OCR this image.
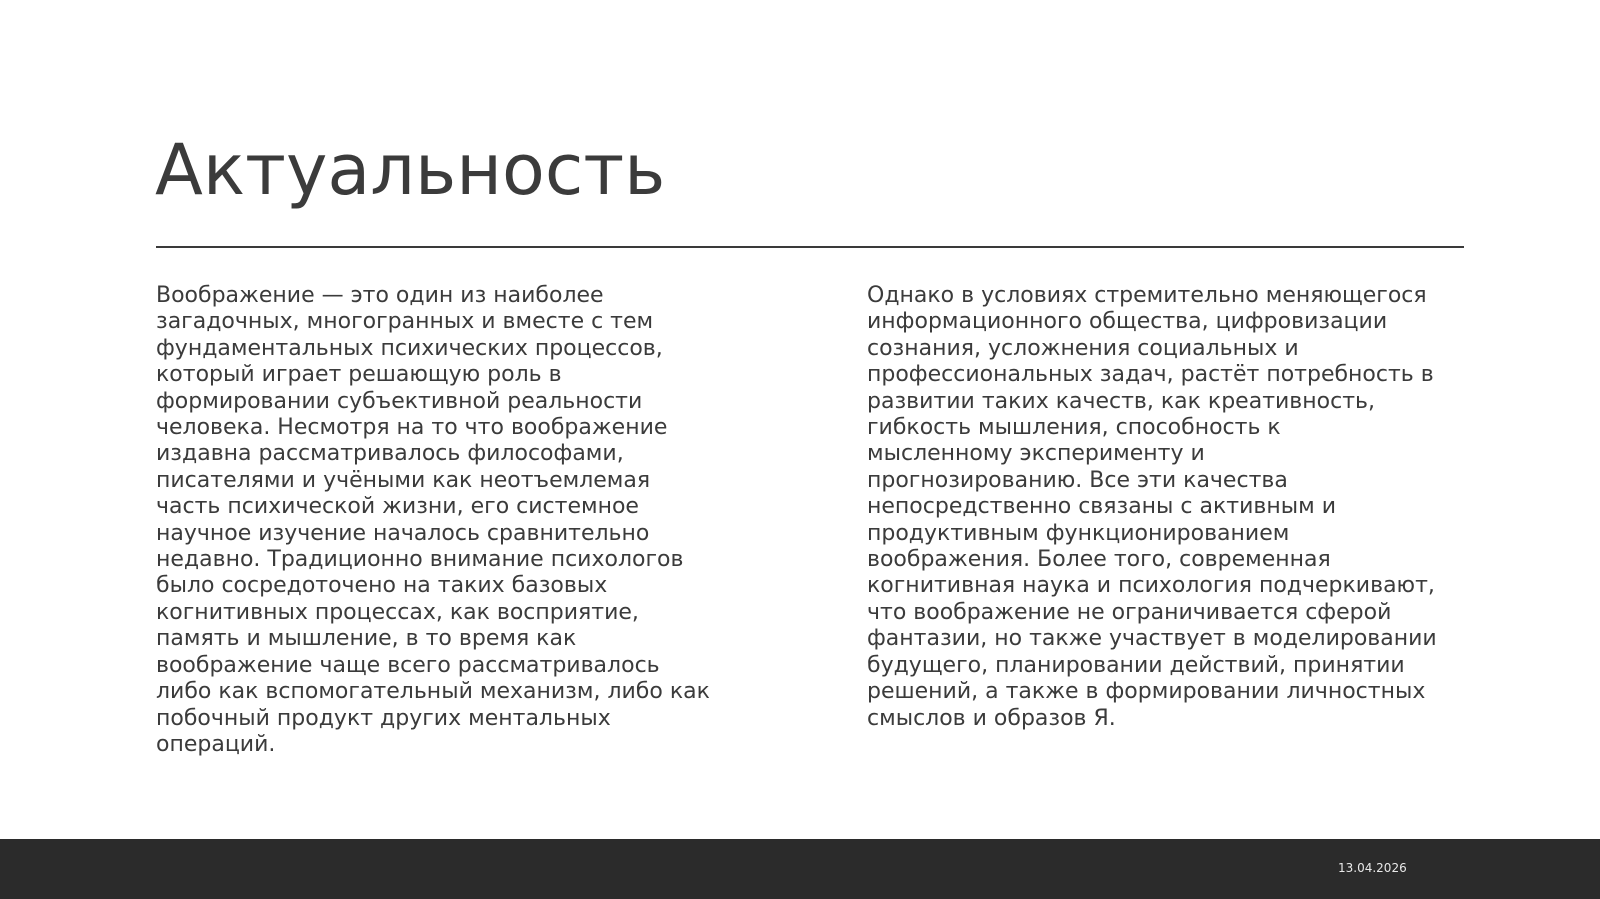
Актуальность

Воображение — это один из наиболее
загадочных, многогранных и вместе с тем
фундаментальных психических процессов,
который играет решающую роль в
формировании субъективной реальности
человека. Несмотря на то что воображение
издавна рассматривалось философами,
писателями и учёными как неотъемлемая
часть психической жизни, его системное
научное изучение началось сравнительно
недавно. Традиционно внимание психологов
было сосредоточено на таких базовых
когнитивных процессах, как восприятие,
память и мышление, в то время как
воображение чаще всего рассматривалось
либо как вспомогательный механизм, либо как
побочный продукт других ментальных
операций.

Однако в условиях стремительно меняющегося
информационного общества, цифровизации
сознания, усложнения социальных и
профессиональных задач, растёт потребность в
развитии таких качеств, как креативность,
гибкость мышления, способность к
мысленному эксперименту и
прогнозированию. Все эти качества
непосредственно связаны с активным и
продуктивным функционированием
воображения. Более того, современная
когнитивная наука и психология подчеркивают,
что воображение не ограничивается сферой
фантазии, но также участвует в моделировании
будущего, планировании действий, принятии
решений, а также в формировании личностных
смыслов и образов Я.

13.04.2026
